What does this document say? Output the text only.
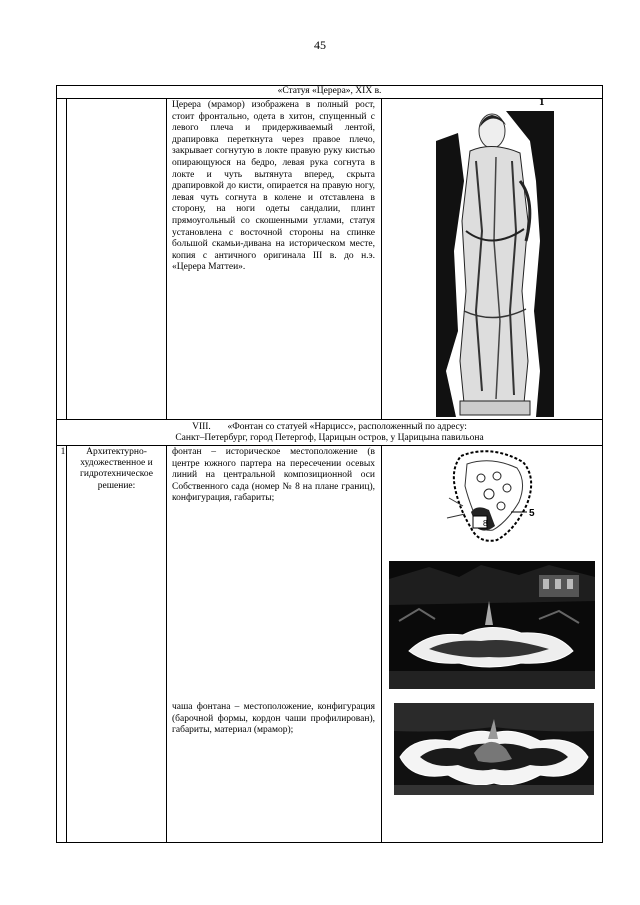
45
«Статуя «Церера», XIX в.
Церера (мрамор) изображена в полный рост, стоит фронтально, одета в хитон, спущенный с левого плеча и придерживаемый лентой, драпировка переткнута через правое плечо, закрывает согнутую в локте правую руку кистью опирающуюся на бедро, левая рука согнута в локте и чуть вытянута вперед, скрыта драпировкой до кисти, опирается на правую ногу, левая чуть согнута в колене и отставлена в сторону, на ноги одеты сандалии, плинт прямоугольный со скошенными углами, статуя установлена с восточной стороны на спинке большой скамьи-дивана на историческом месте, копия с античного оригинала III в. до н.э. «Церера Маттеи».
1
VIII. «Фонтан со статуей «Нарцисс», расположенный по адресу:
Санкт–Петербург, город Петергоф, Царицын остров, у Царицына павильона
1	Архитектурно-художественное и гидротехническое решение:
фонтан – историческое местоположение (в центре южного партера на пересечении осевых линий на центральной композиционной оси Собственного сада (номер № 8 на плане границ), конфигурация, габариты;
чаша фонтана – местоположение, конфигурация (барочной формы, кордон чаши профилирован), габариты, материал (мрамор);
8
5
